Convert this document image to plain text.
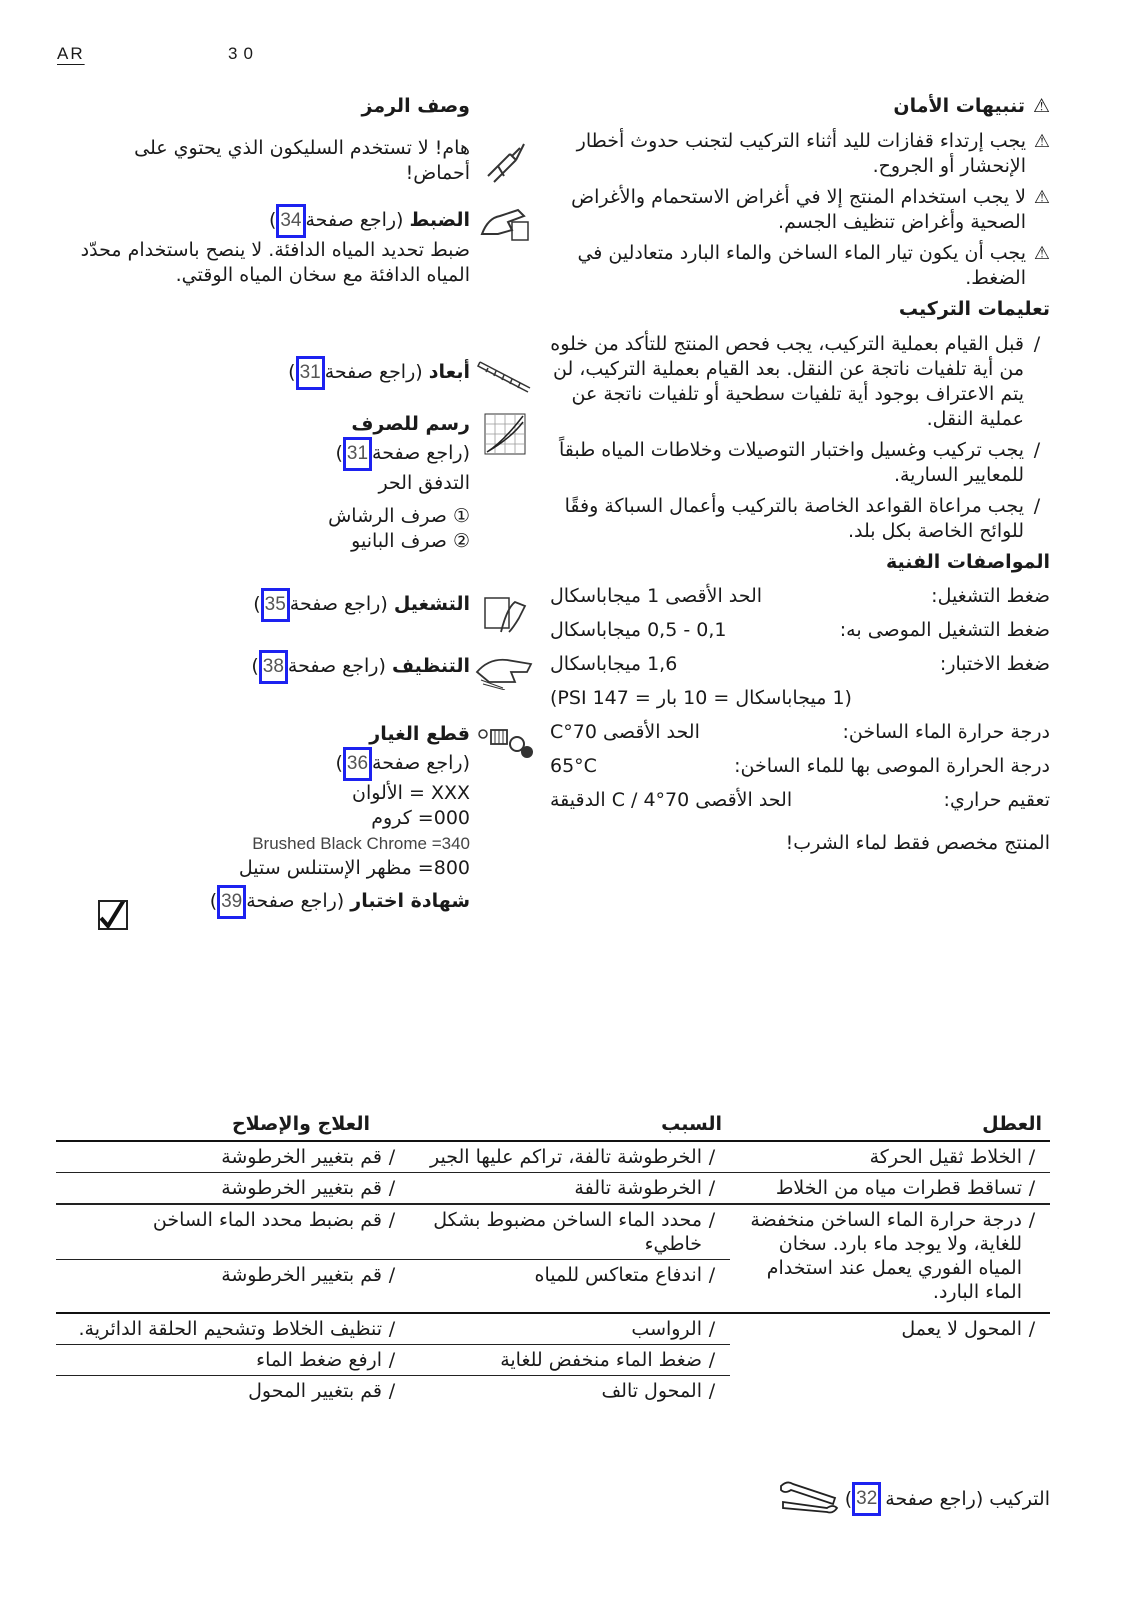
AR	30
⚠
تنبيهات الأمان
⚠
يجب إرتداء قفازات لليد أثناء التركيب لتجنب حدوث أخطار الإنحشار أو الجروح.
⚠
لا يجب استخدام المنتج إلا في أغراض الاستحمام والأغراض الصحية وأغراض تنظيف الجسم.
⚠
يجب أن يكون تيار الماء الساخن والماء البارد متعادلين في الضغط.
تعليمات التركيب
/
قبل القيام بعملية التركيب، يجب فحص المنتج للتأكد من خلوه من أية تلفيات ناتجة عن النقل. بعد القيام بعملية التركيب، لن يتم الاعتراف بوجود أية تلفيات سطحية أو تلفيات ناتجة عن عملية النقل.
/
يجب تركيب وغسيل واختبار التوصيلات وخلاطات المياه طبقاً للمعايير السارية.
/
يجب مراعاة القواعد الخاصة بالتركيب وأعمال السباكة وفقًا للوائح الخاصة بكل بلد.
المواصفات الفنية
ضغط التشغيل:
الحد الأقصى 1 ميجاباسكال
ضغط التشغيل الموصى به:
0,1 - 0,5 ميجاباسكال
ضغط الاختبار:
1,6 ميجاباسكال
(1 ميجاباسكال = 10 بار = 147 PSI)
درجة حرارة الماء الساخن:
الحد الأقصى 70°C
درجة الحرارة الموصى بها للماء الساخن:
65°C
تعقيم حراري:
الحد الأقصى 70°C / 4 الدقيقة
المنتج مخصص فقط لماء الشرب!
وصف الرمز
هام! لا تستخدم السليكون الذي يحتوي على أحماض!
الضبط (راجع صفحة34)
ضبط تحديد المياه الدافئة. لا ينصح باستخدام محدّد المياه الدافئة مع سخان المياه الوقتي.
أبعاد (راجع صفحة31)
رسم للصرف
(راجع صفحة31)
التدفق الحر
① صرف الرشاش
② صرف البانيو
التشغيل (راجع صفحة35)
التنظيف (راجع صفحة38)
قطع الغيار
(راجع صفحة36)
XXX = الألوان
000= كروم
Brushed Black Chrome =340
800= مظهر الإستنلس ستيل
شهادة اختبار (راجع صفحة39)
العطل
السبب
العلاج والإصلاح
/الخلاط ثقيل الحركة
/الخرطوشة تالفة، تراكم عليها الجير
/قم بتغيير الخرطوشة
/تساقط قطرات مياه من الخلاط
/الخرطوشة تالفة
/قم بتغيير الخرطوشة
/
درجة حرارة الماء الساخن منخفضة للغاية، ولا يوجد ماء بارد. سخان المياه الفوري يعمل عند استخدام الماء البارد.
/
محدد الماء الساخن مضبوط بشكل خاطيء
/قم بضبط محدد الماء الساخن
/اندفاع متعاكس للمياه
/قم بتغيير الخرطوشة
/المحول لا يعمل
/الرواسب
/
تنظيف الخلاط وتشحيم الحلقة الدائرية.
/ضغط الماء منخفض للغاية
/ارفع ضغط الماء
/المحول تالف
/قم بتغيير المحول
التركيب (راجع صفحة
32
)
